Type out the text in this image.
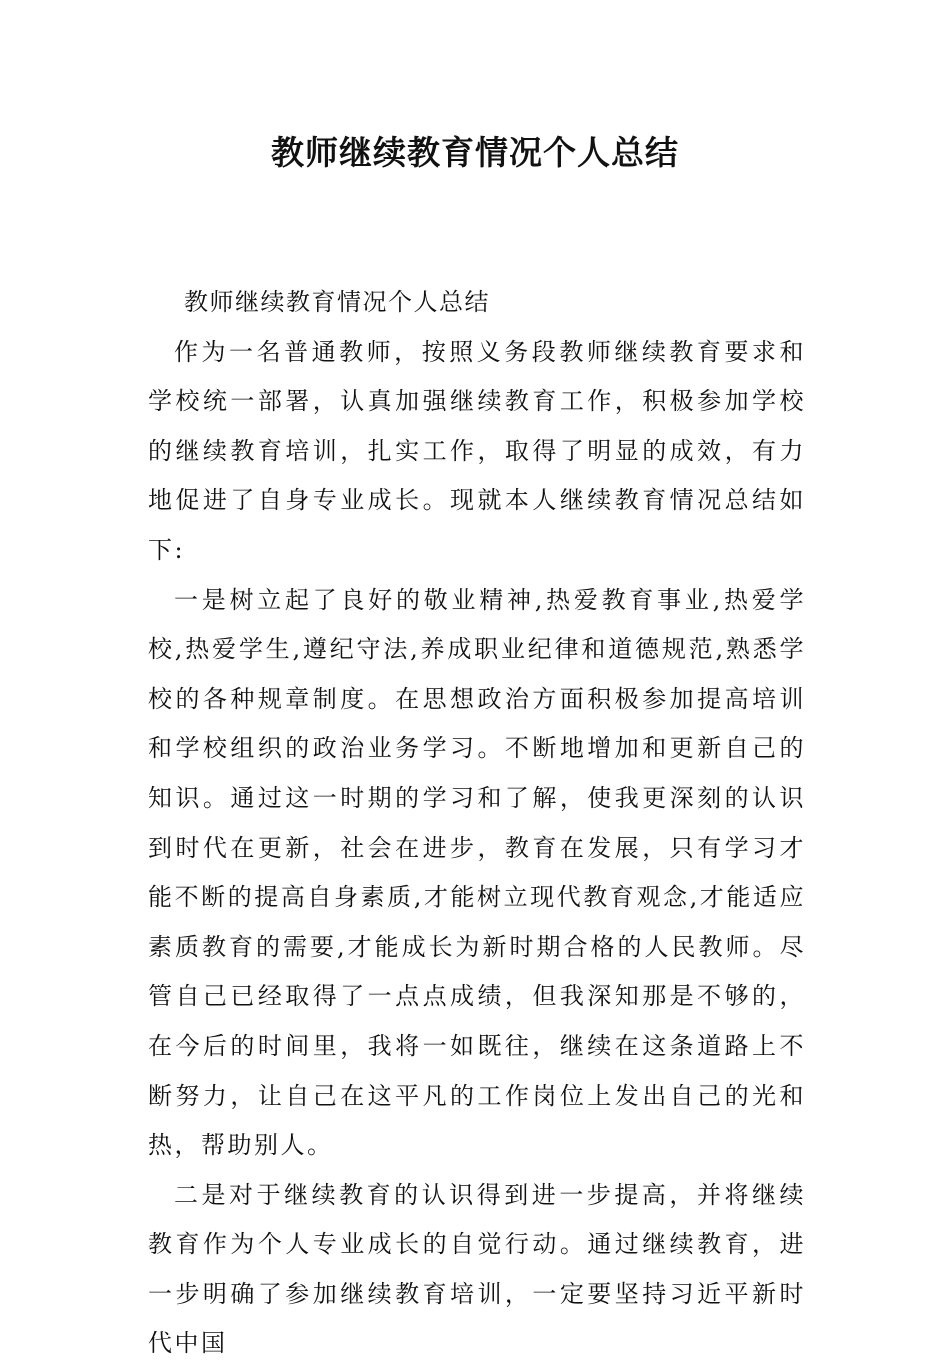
教师继续教育情况个人总结

教师继续教育情况个人总结

作为一名普通教师，按照义务段教师继续教育要求和学校统一部署，认真加强继续教育工作，积极参加学校的继续教育培训，扎实工作，取得了明显的成效，有力地促进了自身专业成长。现就本人继续教育情况总结如下:

一是树立起了良好的敬业精神,热爱教育事业,热爱学校,热爱学生,遵纪守法,养成职业纪律和道德规范,熟悉学校的各种规章制度。在思想政治方面积极参加提高培训和学校组织的政治业务学习。不断地增加和更新自己的知识。通过这一时期的学习和了解，使我更深刻的认识到时代在更新，社会在进步，教育在发展，只有学习才能不断的提高自身素质,才能树立现代教育观念,才能适应素质教育的需要,才能成长为新时期合格的人民教师。尽管自己已经取得了一点点成绩，但我深知那是不够的，在今后的时间里，我将一如既往，继续在这条道路上不断努力，让自己在这平凡的工作岗位上发出自己的光和热，帮助别人。

二是对于继续教育的认识得到进一步提高，并将继续教育作为个人专业成长的自觉行动。通过继续教育，进一步明确了参加继续教育培训，一定要坚持习近平新时代中国
